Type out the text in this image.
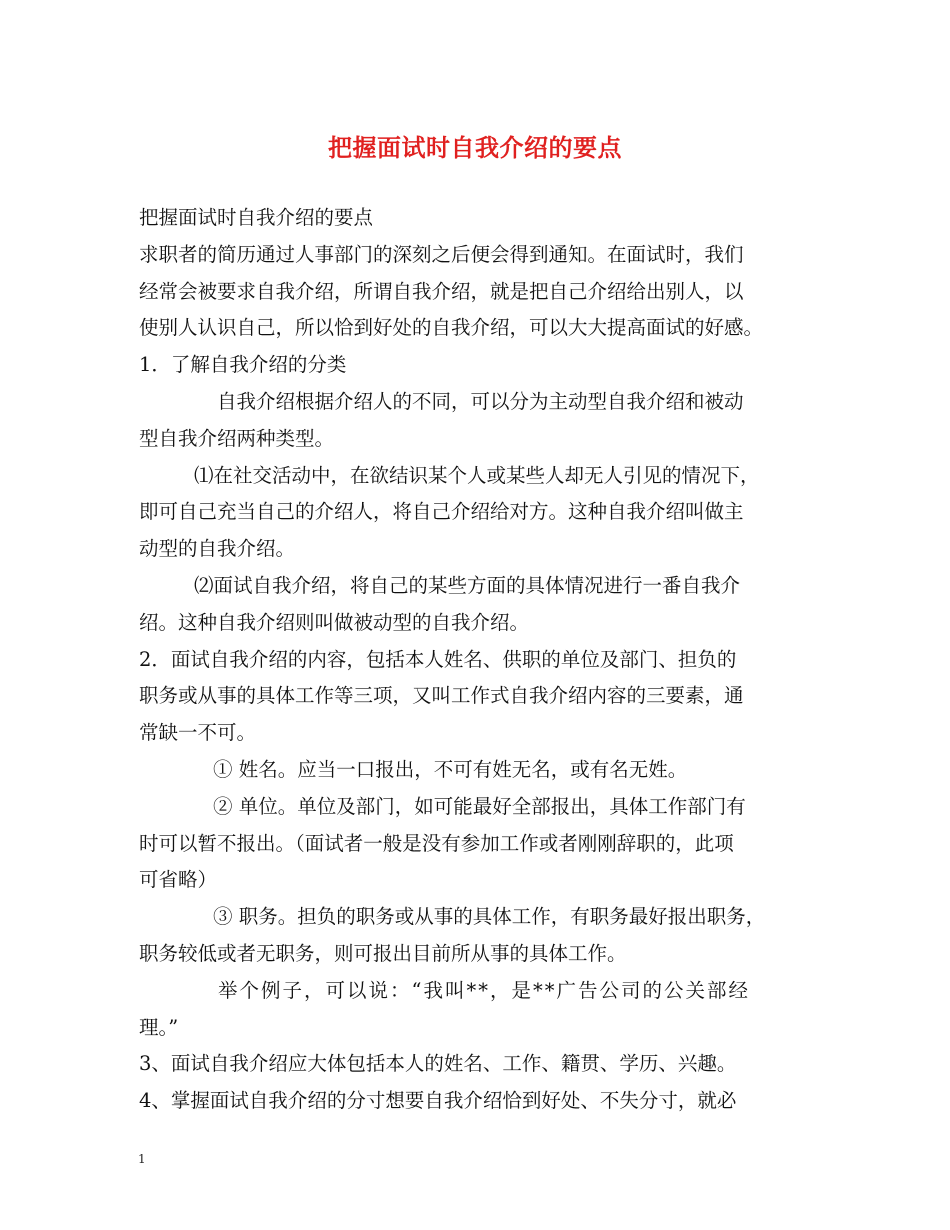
把握面试时自我介绍的要点
把握面试时自我介绍的要点
求职者的简历通过人事部门的深刻之后便会得到通知。在面试时，我们
经常会被要求自我介绍，所谓自我介绍，就是把自己介绍给出别人，以
使别人认识自己，所以恰到好处的自我介绍，可以大大提高面试的好感。
1．了解自我介绍的分类
自我介绍根据介绍人的不同，可以分为主动型自我介绍和被动
型自我介绍两种类型。
⑴在社交活动中，在欲结识某个人或某些人却无人引见的情况下，
即可自己充当自己的介绍人，将自己介绍给对方。这种自我介绍叫做主
动型的自我介绍。
⑵面试自我介绍，将自己的某些方面的具体情况进行一番自我介
绍。这种自我介绍则叫做被动型的自我介绍。
2．面试自我介绍的内容，包括本人姓名、供职的单位及部门、担负的
职务或从事的具体工作等三项，又叫工作式自我介绍内容的三要素，通
常缺一不可。
① 姓名。应当一口报出，不可有姓无名，或有名无姓。
② 单位。单位及部门，如可能最好全部报出，具体工作部门有
时可以暂不报出。（面试者一般是没有参加工作或者刚刚辞职的，此项
可省略）
③ 职务。担负的职务或从事的具体工作，有职务最好报出职务，
职务较低或者无职务，则可报出目前所从事的具体工作。
举个例子，可以说：“我叫**，是**广告公司的公关部经
理。”
3、面试自我介绍应大体包括本人的姓名、工作、籍贯、学历、兴趣。
4、掌握面试自我介绍的分寸想要自我介绍恰到好处、不失分寸，就必
1
